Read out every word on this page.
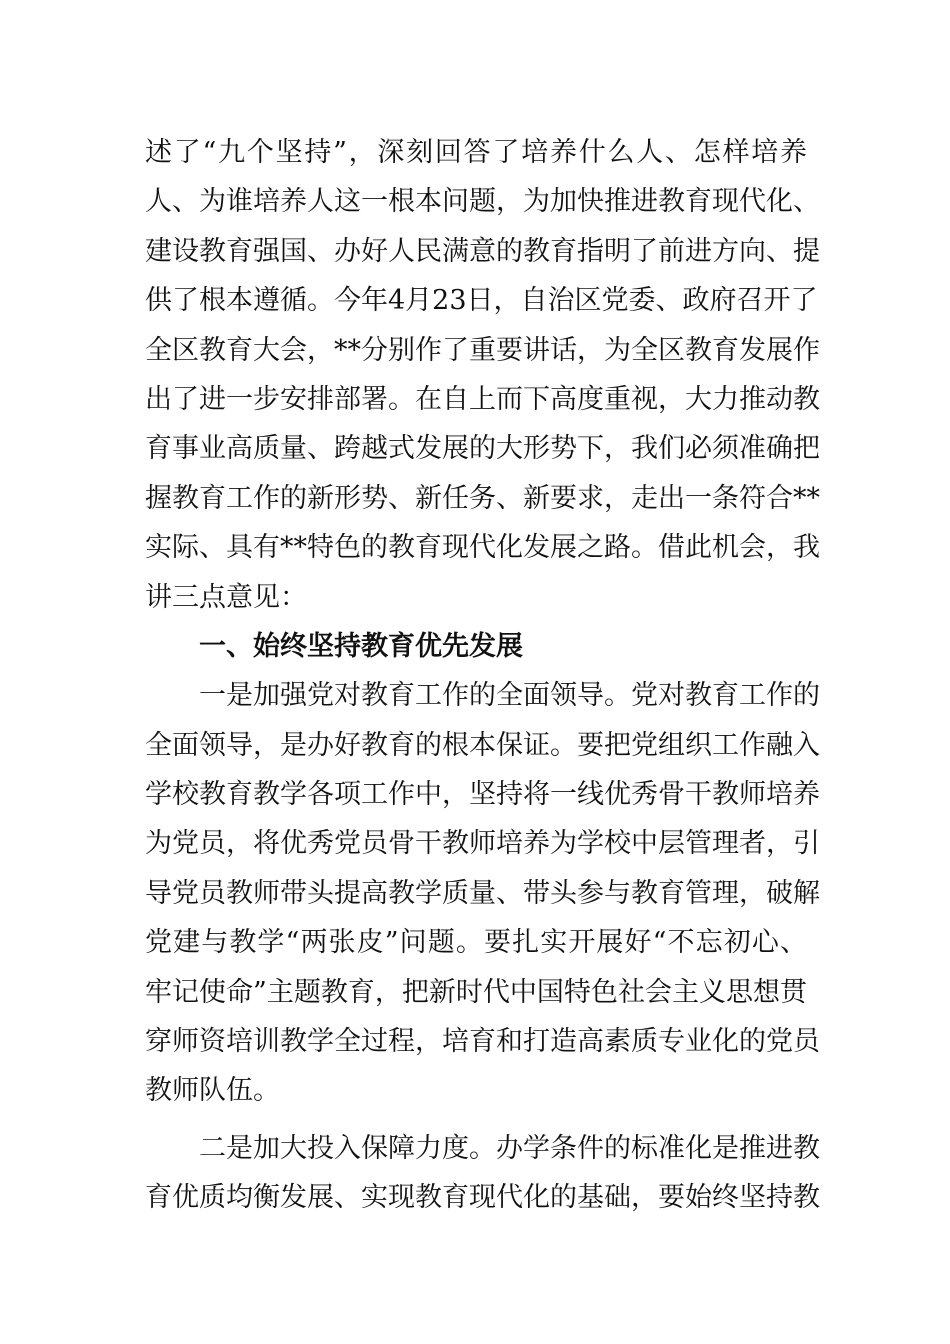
述了“九个坚持”，深刻回答了培养什么人、怎样培养
人、为谁培养人这一根本问题，为加快推进教育现代化、
建设教育强国、办好人民满意的教育指明了前进方向、提
供了根本遵循。今年4月23日，自治区党委、政府召开了
全区教育大会，**分别作了重要讲话，为全区教育发展作
出了进一步安排部署。在自上而下高度重视，大力推动教
育事业高质量、跨越式发展的大形势下，我们必须准确把
握教育工作的新形势、新任务、新要求，走出一条符合**
实际、具有**特色的教育现代化发展之路。借此机会，我
讲三点意见：
一、始终坚持教育优先发展
一是加强党对教育工作的全面领导。党对教育工作的
全面领导，是办好教育的根本保证。要把党组织工作融入
学校教育教学各项工作中，坚持将一线优秀骨干教师培养
为党员，将优秀党员骨干教师培养为学校中层管理者，引
导党员教师带头提高教学质量、带头参与教育管理，破解
党建与教学“两张皮”问题。要扎实开展好“不忘初心、
牢记使命”主题教育，把新时代中国特色社会主义思想贯
穿师资培训教学全过程，培育和打造高素质专业化的党员
教师队伍。
二是加大投入保障力度。办学条件的标准化是推进教
育优质均衡发展、实现教育现代化的基础，要始终坚持教
